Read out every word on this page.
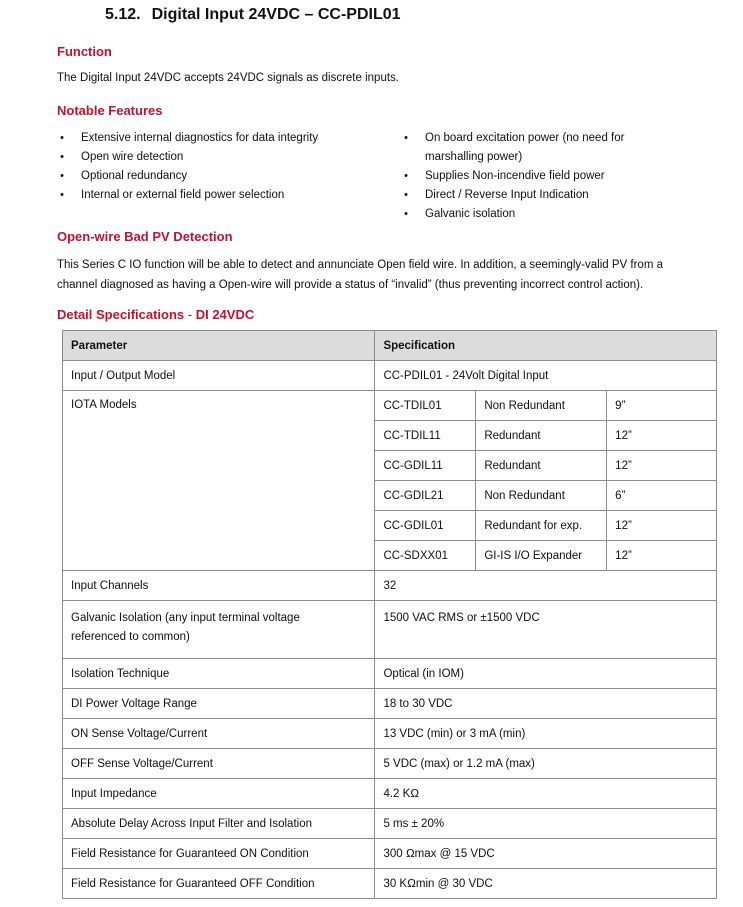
5.12. Digital Input 24VDC – CC-PDIL01
Function
The Digital Input 24VDC accepts 24VDC signals as discrete inputs.
Notable Features
• Extensive internal diagnostics for data integrity
• Open wire detection
• Optional redundancy
• Internal or external field power selection
• On board excitation power (no need for
marshalling power)
• Supplies Non-incendive field power
• Direct / Reverse Input Indication
• Galvanic isolation
Open-wire Bad PV Detection
This Series C IO function will be able to detect and annunciate Open field wire. In addition, a seemingly-valid PV from a
channel diagnosed as having a Open-wire will provide a status of “invalid” (thus preventing incorrect control action).
Detail Specifications - DI 24VDC
Parameter	Specification		
Input / Output Model	CC-PDIL01 - 24Volt Digital Input		
IOTA Models	CC-TDIL01	Non Redundant	9”
	CC-TDIL11	Redundant	12”
	CC-GDIL11	Redundant	12”
	CC-GDIL21	Non Redundant	6”
	CC-GDIL01	Redundant for exp.	12”
	CC-SDXX01	GI-IS I/O Expander	12”
Input Channels	32		
Galvanic Isolation (any input terminal voltage
referenced to common)	1500 VAC RMS or ±1500 VDC		
Isolation Technique	Optical (in IOM)		
DI Power Voltage Range	18 to 30 VDC		
ON Sense Voltage/Current	13 VDC (min) or 3 mA (min)		
OFF Sense Voltage/Current	5 VDC (max) or 1.2 mA (max)		
Input Impedance	4.2 KΩ		
Absolute Delay Across Input Filter and Isolation	5 ms ± 20%		
Field Resistance for Guaranteed ON Condition	300 Ωmax @ 15 VDC		
Field Resistance for Guaranteed OFF Condition	30 KΩmin @ 30 VDC		
